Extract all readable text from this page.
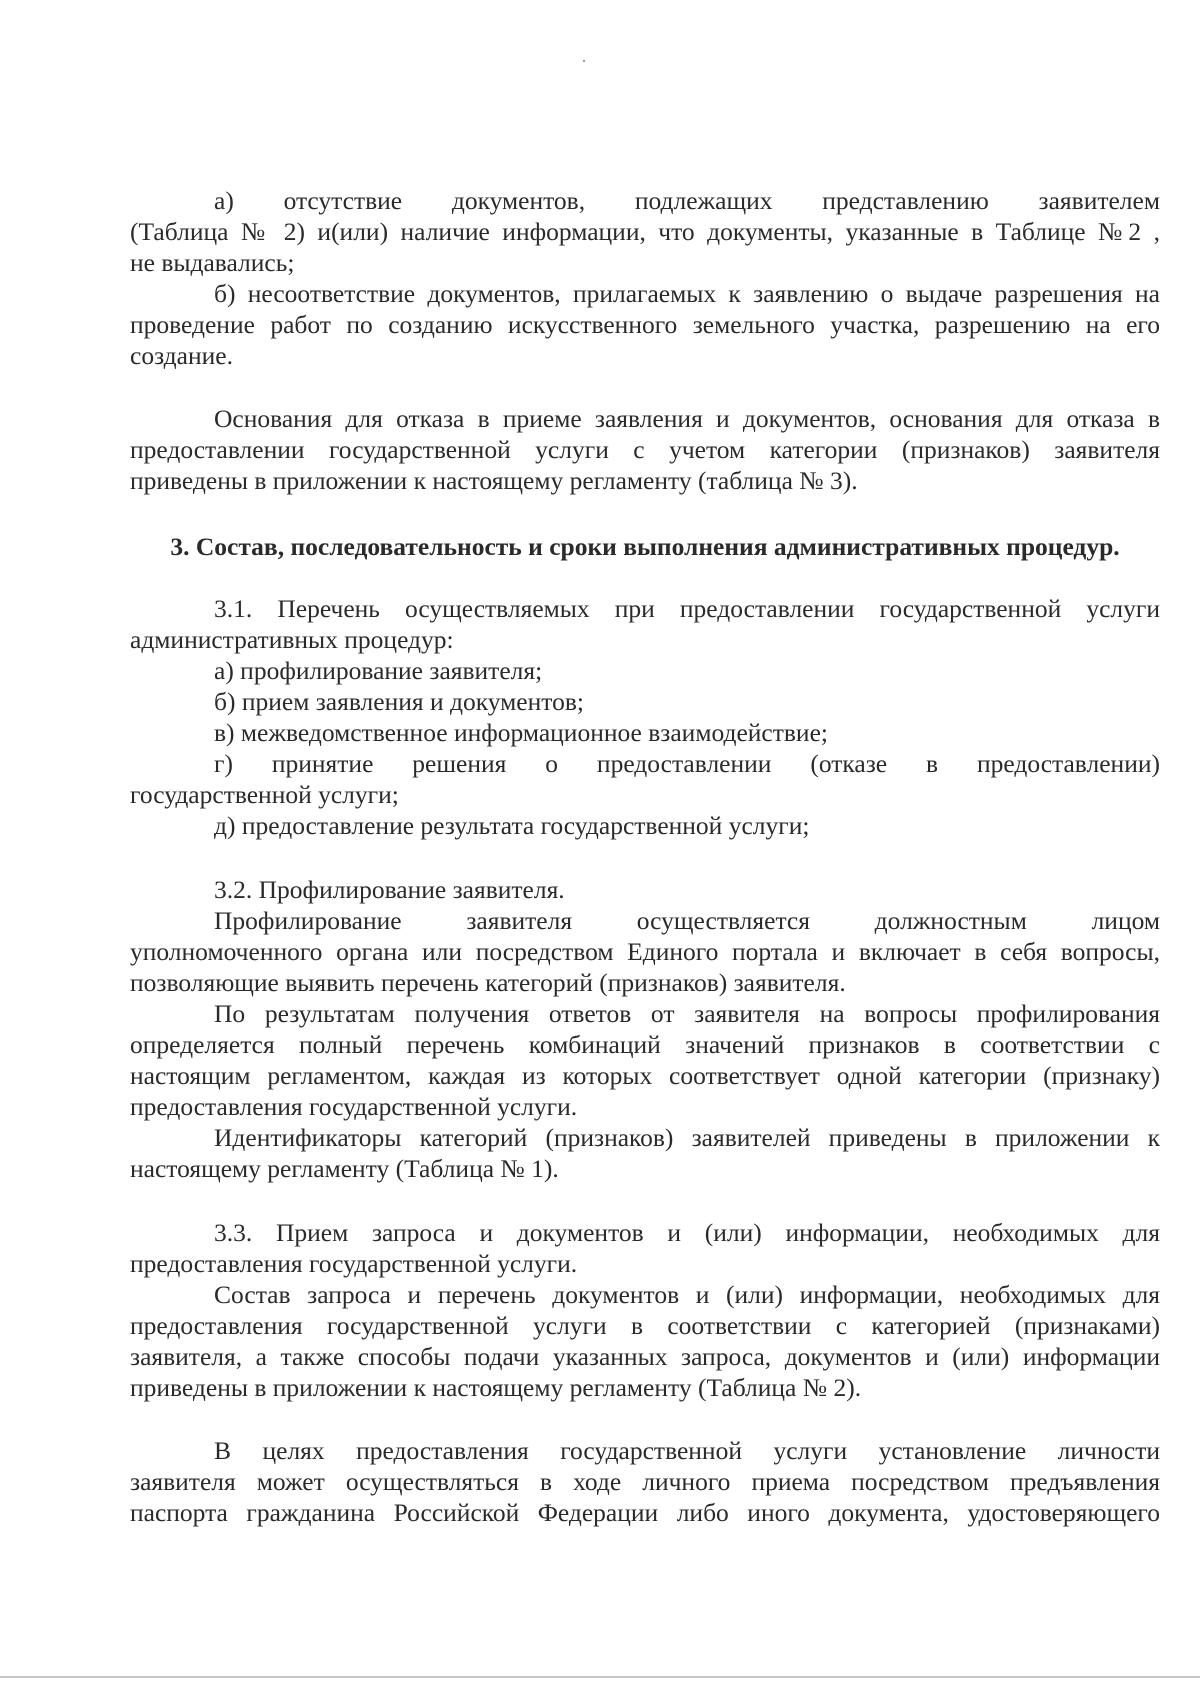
а) отсутствие документов, подлежащих представлению заявителем
(Таблица № 2) и(или) наличие информации, что документы, указанные в Таблице №2 ,
не выдавались;
б) несоответствие документов, прилагаемых к заявлению о выдаче разрешения на
проведение работ по созданию искусственного земельного участка, разрешению на его
создание.
Основания для отказа в приеме заявления и документов, основания для отказа в
предоставлении государственной услуги с учетом категории (признаков) заявителя
приведены в приложении к настоящему регламенту (таблица № 3).
3. Состав, последовательность и сроки выполнения административных процедур.
3.1. Перечень осуществляемых при предоставлении государственной услуги
административных процедур:
а) профилирование заявителя;
б) прием заявления и документов;
в) межведомственное информационное взаимодействие;
г) принятие решения о предоставлении (отказе в предоставлении)
государственной услуги;
д) предоставление результата государственной услуги;
3.2. Профилирование заявителя.
Профилирование заявителя осуществляется должностным лицом
уполномоченного органа или посредством Единого портала и включает в себя вопросы,
позволяющие выявить перечень категорий (признаков) заявителя.
По результатам получения ответов от заявителя на вопросы профилирования
определяется полный перечень комбинаций значений признаков в соответствии с
настоящим регламентом, каждая из которых соответствует одной категории (признаку)
предоставления государственной услуги.
Идентификаторы категорий (признаков) заявителей приведены в приложении к
настоящему регламенту (Таблица № 1).
3.3. Прием запроса и документов и (или) информации, необходимых для
предоставления государственной услуги.
Состав запроса и перечень документов и (или) информации, необходимых для
предоставления государственной услуги в соответствии с категорией (признаками)
заявителя, а также способы подачи указанных запроса, документов и (или) информации
приведены в приложении к настоящему регламенту (Таблица № 2).
В целях предоставления государственной услуги установление личности
заявителя может осуществляться в ходе личного приема посредством предъявления
паспорта гражданина Российской Федерации либо иного документа, удостоверяющего
